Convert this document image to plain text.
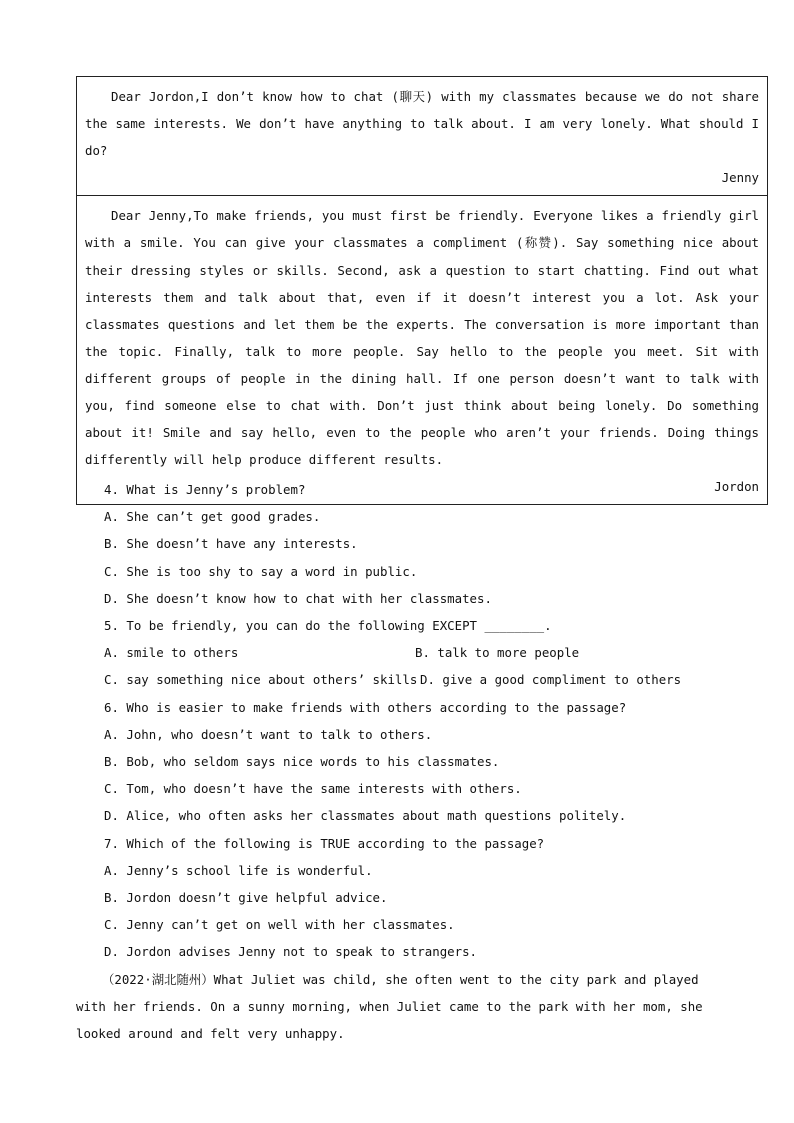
Dear Jordon,I don’t know how to chat (聊天) with my classmates because we do not share the same interests. We don’t have anything to talk about. I am very lonely. What should I do?

Jenny

Dear Jenny,To make friends, you must first be friendly. Everyone likes a friendly girl with a smile. You can give your classmates a compliment (称赞). Say something nice about their dressing styles or skills. Second, ask a question to start chatting. Find out what interests them and talk about that, even if it doesn’t interest you a lot. Ask your classmates questions and let them be the experts. The conversation is more important than the topic. Finally, talk to more people. Say hello to the people you meet. Sit with different groups of people in the dining hall. If one person doesn’t want to talk with you, find someone else to chat with. Don’t just think about being lonely. Do something about it! Smile and say hello, even to the people who aren’t your friends. Doing things differently will help produce different results.

Jordon

4. What is Jenny’s problem?

A. She can’t get good grades.

B. She doesn’t have any interests.

C. She is too shy to say a word in public.

D. She doesn’t know how to chat with her classmates.

5. To be friendly, you can do the following EXCEPT ________.

A. smile to others	B. talk to more people
C. say something nice about others’ skills D. give a good compliment to others

6. Who is easier to make friends with others according to the passage?

A. John, who doesn’t want to talk to others.

B. Bob, who seldom says nice words to his classmates.

C. Tom, who doesn’t have the same interests with others.

D. Alice, who often asks her classmates about math questions politely.

7. Which of the following is TRUE according to the passage?

A. Jenny’s school life is wonderful.

B. Jordon doesn’t give helpful advice.

C. Jenny can’t get on well with her classmates.

D. Jordon advises Jenny not to speak to strangers.

（2022·湖北随州）What Juliet was child, she often went to the city park and played with her friends. On a sunny morning, when Juliet came to the park with her mom, she looked around and felt very unhappy.
